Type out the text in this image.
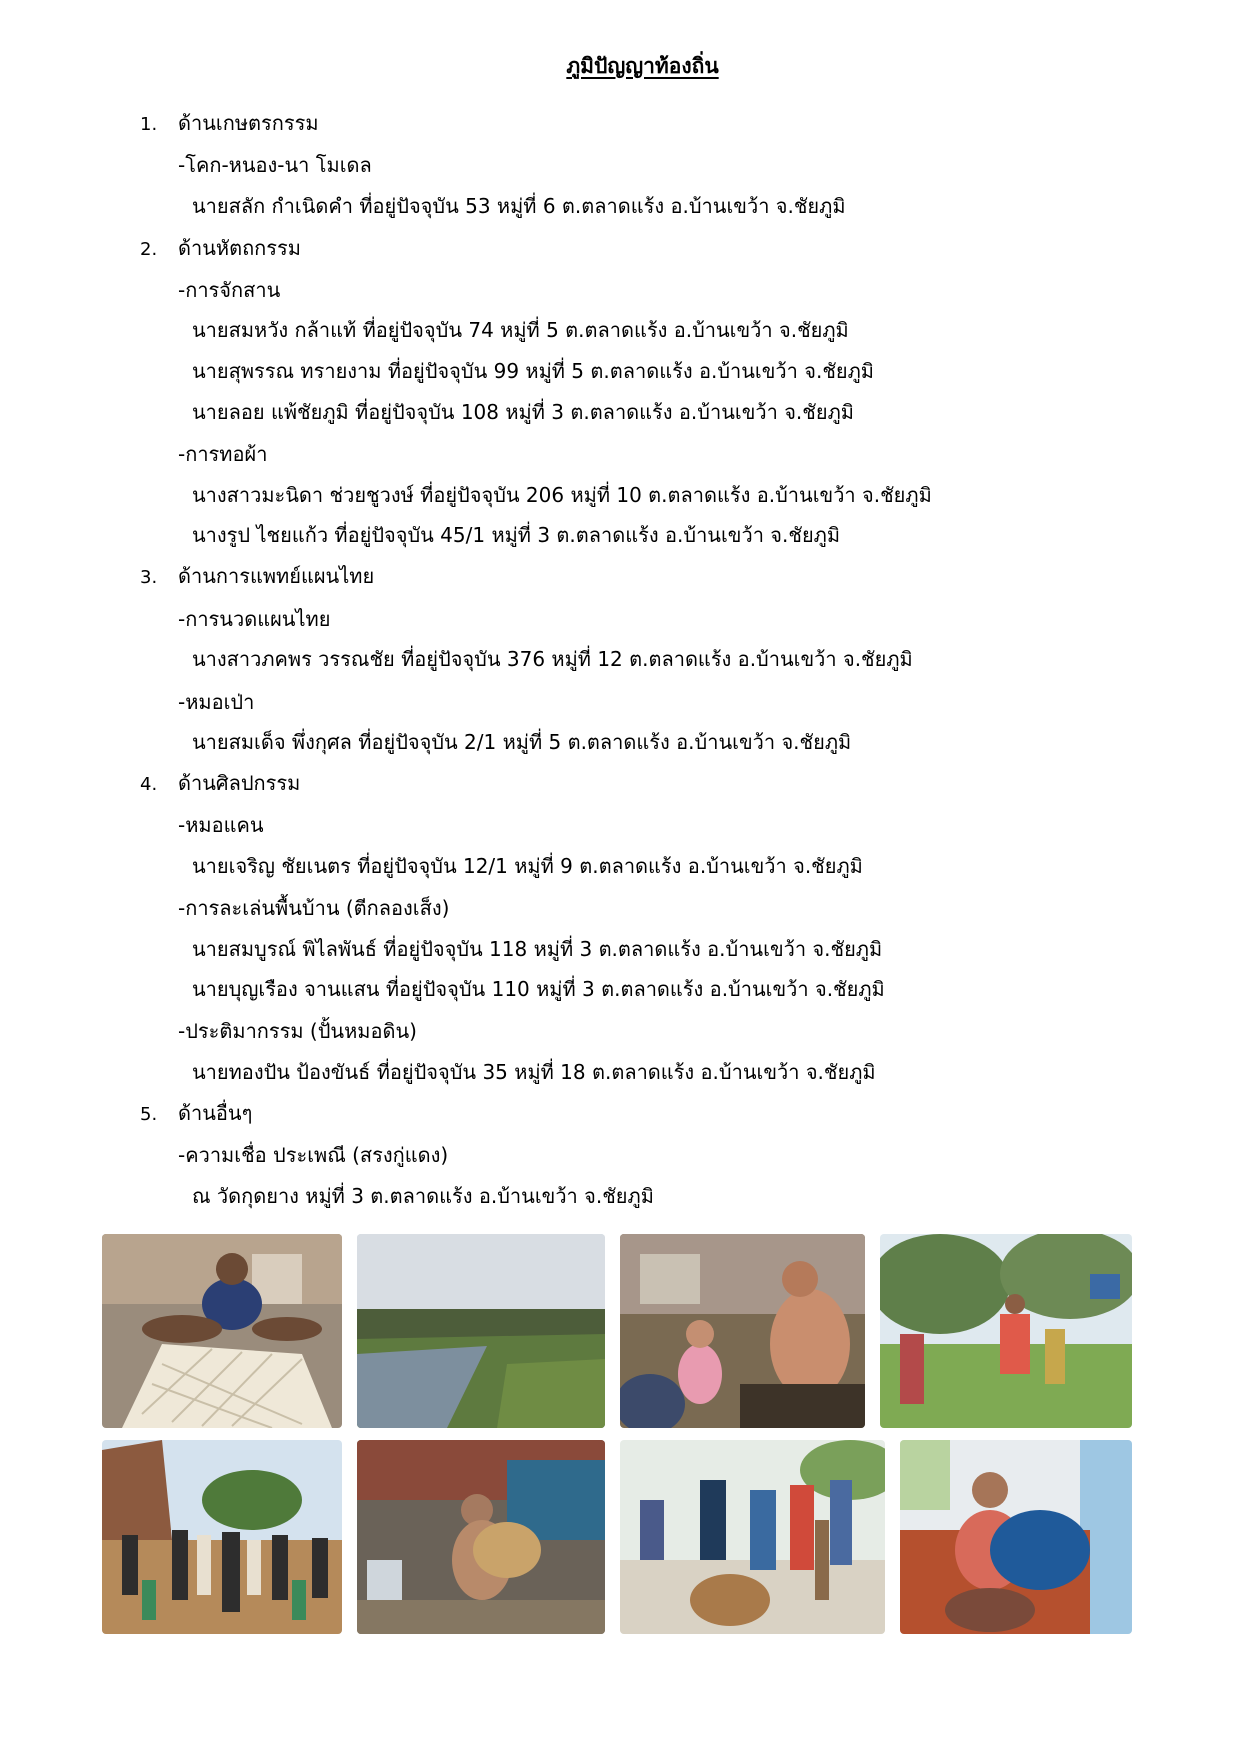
ภูมิปัญญาท้องถิ่น
1. ด้านเกษตรกรรม
-โคก-หนอง-นา โมเดล
นายสลัก กำเนิดคำ ที่อยู่ปัจจุบัน 53 หมู่ที่ 6 ต.ตลาดแร้ง อ.บ้านเขว้า จ.ชัยภูมิ
2. ด้านหัตถกรรม
-การจักสาน
นายสมหวัง กล้าแท้ ที่อยู่ปัจจุบัน 74 หมู่ที่ 5 ต.ตลาดแร้ง อ.บ้านเขว้า จ.ชัยภูมิ
นายสุพรรณ ทรายงาม ที่อยู่ปัจจุบัน 99 หมู่ที่ 5 ต.ตลาดแร้ง อ.บ้านเขว้า จ.ชัยภูมิ
นายลอย แพ้ชัยภูมิ ที่อยู่ปัจจุบัน 108 หมู่ที่ 3 ต.ตลาดแร้ง อ.บ้านเขว้า จ.ชัยภูมิ
-การทอผ้า
นางสาวมะนิดา ช่วยชูวงษ์ ที่อยู่ปัจจุบัน 206 หมู่ที่ 10 ต.ตลาดแร้ง อ.บ้านเขว้า จ.ชัยภูมิ
นางรูป ไชยแก้ว ที่อยู่ปัจจุบัน 45/1 หมู่ที่ 3 ต.ตลาดแร้ง อ.บ้านเขว้า จ.ชัยภูมิ
3. ด้านการแพทย์แผนไทย
-การนวดแผนไทย
นางสาวภคพร วรรณชัย ที่อยู่ปัจจุบัน 376 หมู่ที่ 12 ต.ตลาดแร้ง อ.บ้านเขว้า จ.ชัยภูมิ
-หมอเป่า
นายสมเด็จ พึ่งกุศล ที่อยู่ปัจจุบัน 2/1 หมู่ที่ 5 ต.ตลาดแร้ง อ.บ้านเขว้า จ.ชัยภูมิ
4. ด้านศิลปกรรม
-หมอแคน
นายเจริญ ชัยเนตร ที่อยู่ปัจจุบัน 12/1 หมู่ที่ 9 ต.ตลาดแร้ง อ.บ้านเขว้า จ.ชัยภูมิ
-การละเล่นพื้นบ้าน (ตีกลองเส็ง)
นายสมบูรณ์ พิไลพันธ์ ที่อยู่ปัจจุบัน 118 หมู่ที่ 3 ต.ตลาดแร้ง อ.บ้านเขว้า จ.ชัยภูมิ
นายบุญเรือง จานแสน ที่อยู่ปัจจุบัน 110 หมู่ที่ 3 ต.ตลาดแร้ง อ.บ้านเขว้า จ.ชัยภูมิ
-ประติมากรรม (ปั้นหมอดิน)
นายทองปัน ป้องขันธ์ ที่อยู่ปัจจุบัน 35 หมู่ที่ 18 ต.ตลาดแร้ง อ.บ้านเขว้า จ.ชัยภูมิ
5. ด้านอื่นๆ
-ความเชื่อ ประเพณี (สรงกู่แดง)
ณ วัดกุดยาง หมู่ที่ 3 ต.ตลาดแร้ง อ.บ้านเขว้า จ.ชัยภูมิ
